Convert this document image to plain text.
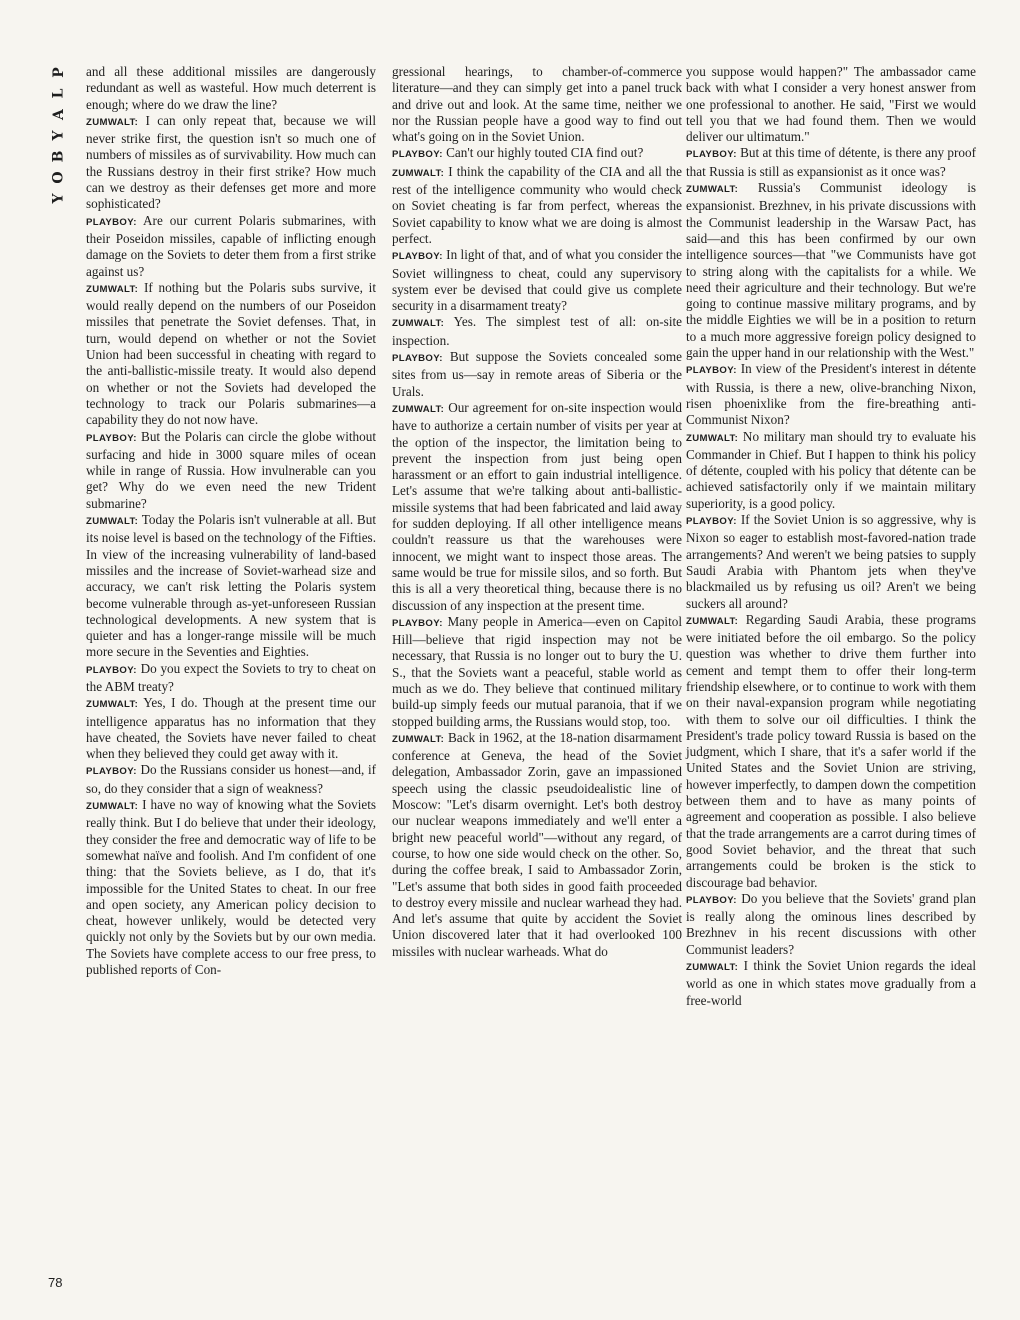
P
L
A
Y
B
O
Y

and all these additional missiles are dangerously redundant as well as wasteful. How much deterrent is enough; where do we draw the line?

ZUMWALT: I can only repeat that, because we will never strike first, the question isn't so much one of numbers of missiles as of survivability. How much can the Russians destroy in their first strike? How much can we destroy as their defenses get more and more sophisticated?

PLAYBOY: Are our current Polaris submarines, with their Poseidon missiles, capable of inflicting enough damage on the Soviets to deter them from a first strike against us?

ZUMWALT: If nothing but the Polaris subs survive, it would really depend on the numbers of our Poseidon missiles that penetrate the Soviet defenses. That, in turn, would depend on whether or not the Soviet Union had been successful in cheating with regard to the anti-ballistic-missile treaty. It would also depend on whether or not the Soviets had developed the technology to track our Polaris submarines—a capability they do not now have.

PLAYBOY: But the Polaris can circle the globe without surfacing and hide in 3000 square miles of ocean while in range of Russia. How invulnerable can you get? Why do we even need the new Trident submarine?

ZUMWALT: Today the Polaris isn't vulnerable at all. But its noise level is based on the technology of the Fifties. In view of the increasing vulnerability of land-based missiles and the increase of Soviet-warhead size and accuracy, we can't risk letting the Polaris system become vulnerable through as-yet-unforeseen Russian technological developments. A new system that is quieter and has a longer-range missile will be much more secure in the Seventies and Eighties.

PLAYBOY: Do you expect the Soviets to try to cheat on the ABM treaty?

ZUMWALT: Yes, I do. Though at the present time our intelligence apparatus has no information that they have cheated, the Soviets have never failed to cheat when they believed they could get away with it.

PLAYBOY: Do the Russians consider us honest—and, if so, do they consider that a sign of weakness?

ZUMWALT: I have no way of knowing what the Soviets really think. But I do believe that under their ideology, they consider the free and democratic way of life to be somewhat naïve and foolish. And I'm confident of one thing: that the Soviets believe, as I do, that it's impossible for the United States to cheat. In our free and open society, any American policy decision to cheat, however unlikely, would be detected very quickly not only by the Soviets but by our own media. The Soviets have complete access to our free press, to published reports of Con-

gressional hearings, to chamber-of-commerce literature—and they can simply get into a panel truck and drive out and look. At the same time, neither we nor the Russian people have a good way to find out what's going on in the Soviet Union.

PLAYBOY: Can't our highly touted CIA find out?

ZUMWALT: I think the capability of the CIA and all the rest of the intelligence community who would check on Soviet cheating is far from perfect, whereas the Soviet capability to know what we are doing is almost perfect.

PLAYBOY: In light of that, and of what you consider the Soviet willingness to cheat, could any supervisory system ever be devised that could give us complete security in a disarmament treaty?

ZUMWALT: Yes. The simplest test of all: on-site inspection.

PLAYBOY: But suppose the Soviets concealed some sites from us—say in remote areas of Siberia or the Urals.

ZUMWALT: Our agreement for on-site inspection would have to authorize a certain number of visits per year at the option of the inspector, the limitation being to prevent the inspection from just being open harassment or an effort to gain industrial intelligence. Let's assume that we're talking about anti-ballistic-missile systems that had been fabricated and laid away for sudden deploying. If all other intelligence means couldn't reassure us that the warehouses were innocent, we might want to inspect those areas. The same would be true for missile silos, and so forth. But this is all a very theoretical thing, because there is no discussion of any inspection at the present time.

PLAYBOY: Many people in America—even on Capitol Hill—believe that rigid inspection may not be necessary, that Russia is no longer out to bury the U. S., that the Soviets want a peaceful, stable world as much as we do. They believe that continued military build-up simply feeds our mutual paranoia, that if we stopped building arms, the Russians would stop, too.

ZUMWALT: Back in 1962, at the 18-nation disarmament conference at Geneva, the head of the Soviet delegation, Ambassador Zorin, gave an impassioned speech using the classic pseudoidealistic line of Moscow: "Let's disarm overnight. Let's both destroy our nuclear weapons immediately and we'll enter a bright new peaceful world"—without any regard, of course, to how one side would check on the other. So, during the coffee break, I said to Ambassador Zorin, "Let's assume that both sides in good faith proceeded to destroy every missile and nuclear warhead they had. And let's assume that quite by accident the Soviet Union discovered later that it had overlooked 100 missiles with nuclear warheads. What do

you suppose would happen?" The ambassador came back with what I consider a very honest answer from one professional to another. He said, "First we would tell you that we had found them. Then we would deliver our ultimatum."

PLAYBOY: But at this time of détente, is there any proof that Russia is still as expansionist as it once was?

ZUMWALT: Russia's Communist ideology is expansionist. Brezhnev, in his private discussions with the Communist leadership in the Warsaw Pact, has said—and this has been confirmed by our own intelligence sources—that "we Communists have got to string along with the capitalists for a while. We need their agriculture and their technology. But we're going to continue massive military programs, and by the middle Eighties we will be in a position to return to a much more aggressive foreign policy designed to gain the upper hand in our relationship with the West."

PLAYBOY: In view of the President's interest in détente with Russia, is there a new, olive-branching Nixon, risen phoenixlike from the fire-breathing anti-Communist Nixon?

ZUMWALT: No military man should try to evaluate his Commander in Chief. But I happen to think his policy of détente, coupled with his policy that détente can be achieved satisfactorily only if we maintain military superiority, is a good policy.

PLAYBOY: If the Soviet Union is so aggressive, why is Nixon so eager to establish most-favored-nation trade arrangements? And weren't we being patsies to supply Saudi Arabia with Phantom jets when they've blackmailed us by refusing us oil? Aren't we being suckers all around?

ZUMWALT: Regarding Saudi Arabia, these programs were initiated before the oil embargo. So the policy question was whether to drive them further into cement and tempt them to offer their long-term friendship elsewhere, or to continue to work with them on their naval-expansion program while negotiating with them to solve our oil difficulties. I think the President's trade policy toward Russia is based on the judgment, which I share, that it's a safer world if the United States and the Soviet Union are striving, however imperfectly, to dampen down the competition between them and to have as many points of agreement and cooperation as possible. I also believe that the trade arrangements are a carrot during times of good Soviet behavior, and the threat that such arrangements could be broken is the stick to discourage bad behavior.

PLAYBOY: Do you believe that the Soviets' grand plan is really along the ominous lines described by Brezhnev in his recent discussions with other Communist leaders?

ZUMWALT: I think the Soviet Union regards the ideal world as one in which states move gradually from a free-world

78
